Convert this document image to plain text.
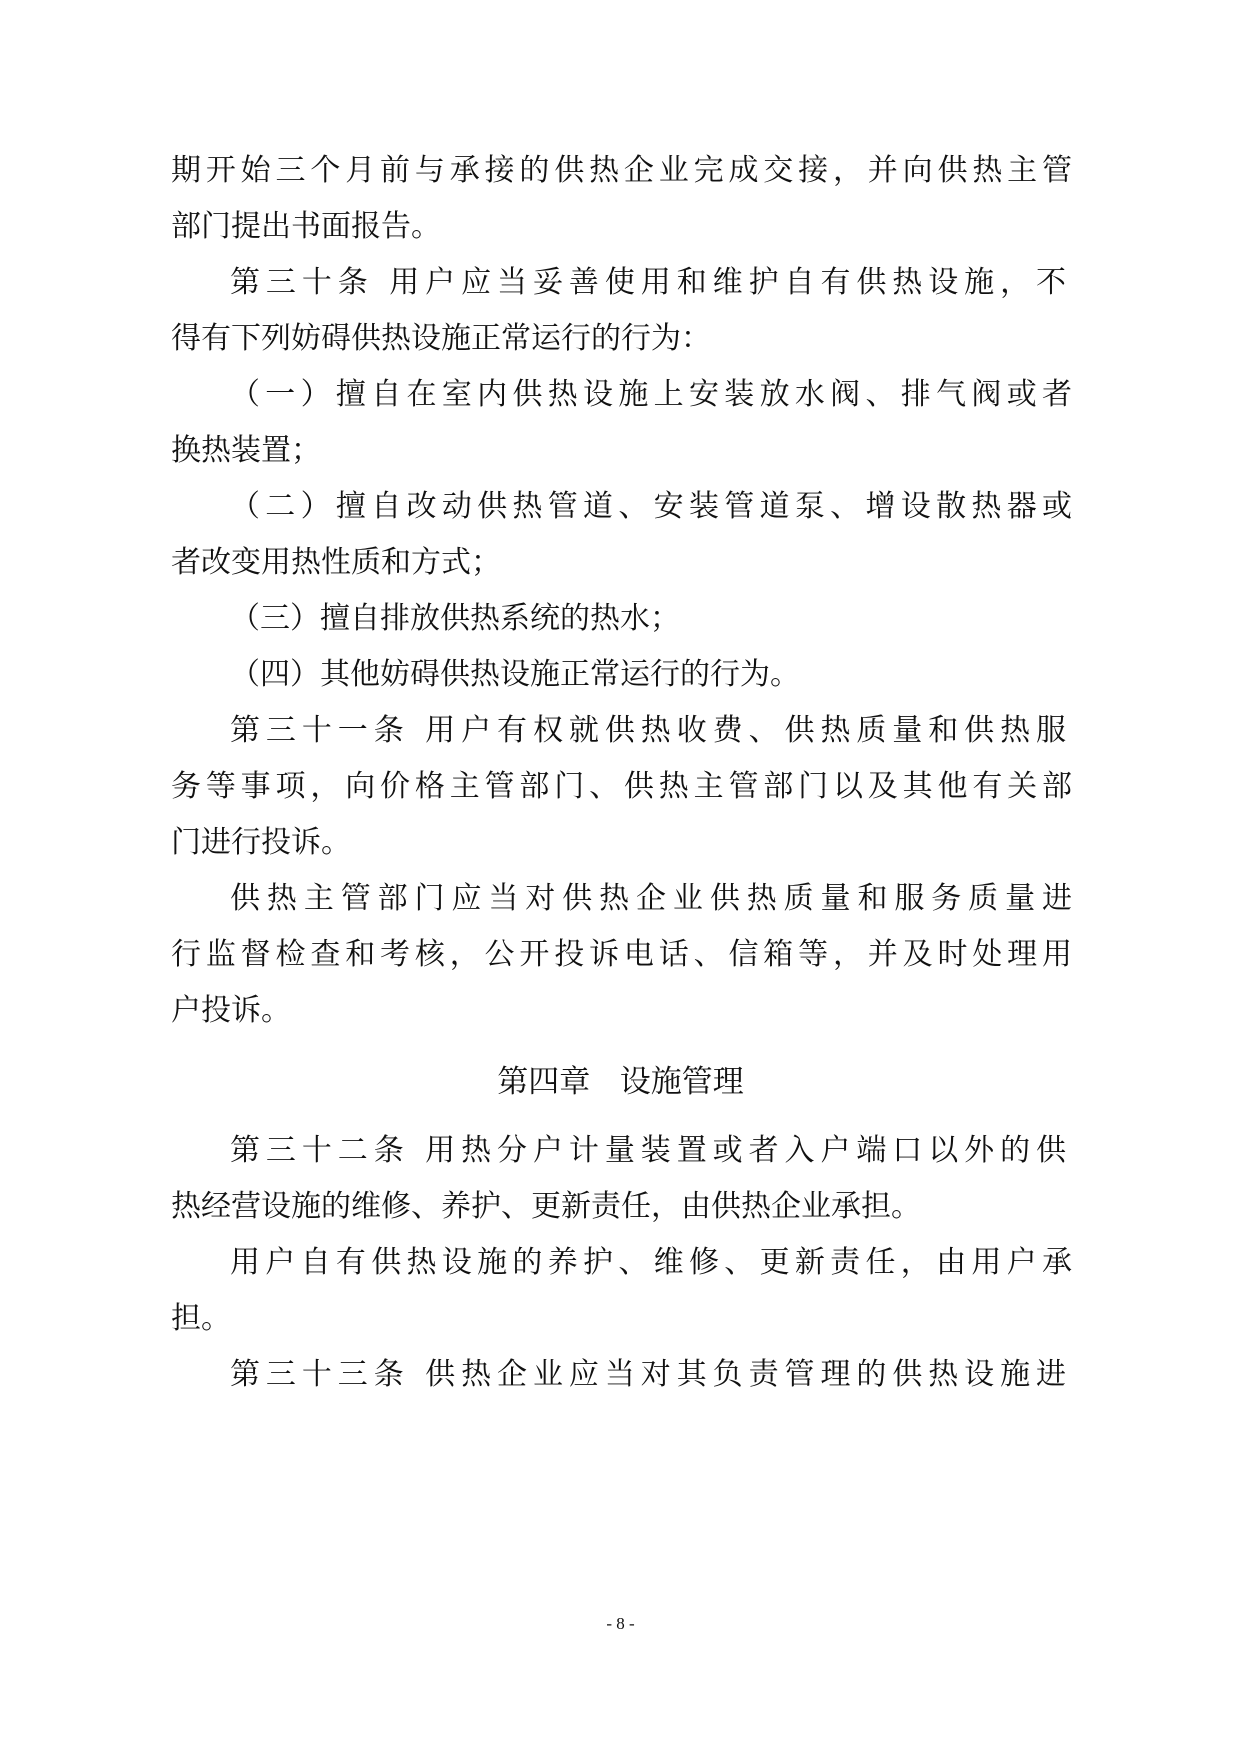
期开始三个月前与承接的供热企业完成交接，并向供热主管
部门提出书面报告。
第三十条 用户应当妥善使用和维护自有供热设施，不
得有下列妨碍供热设施正常运行的行为：
（一）擅自在室内供热设施上安装放水阀、排气阀或者
换热装置；
（二）擅自改动供热管道、安装管道泵、增设散热器或
者改变用热性质和方式；
（三）擅自排放供热系统的热水；
（四）其他妨碍供热设施正常运行的行为。
第三十一条 用户有权就供热收费、供热质量和供热服
务等事项，向价格主管部门、供热主管部门以及其他有关部
门进行投诉。
供热主管部门应当对供热企业供热质量和服务质量进
行监督检查和考核，公开投诉电话、信箱等，并及时处理用
户投诉。
第四章   设施管理
第三十二条 用热分户计量装置或者入户端口以外的供
热经营设施的维修、养护、更新责任，由供热企业承担。
用户自有供热设施的养护、维修、更新责任，由用户承
担。
第三十三条 供热企业应当对其负责管理的供热设施进
- 8 -
